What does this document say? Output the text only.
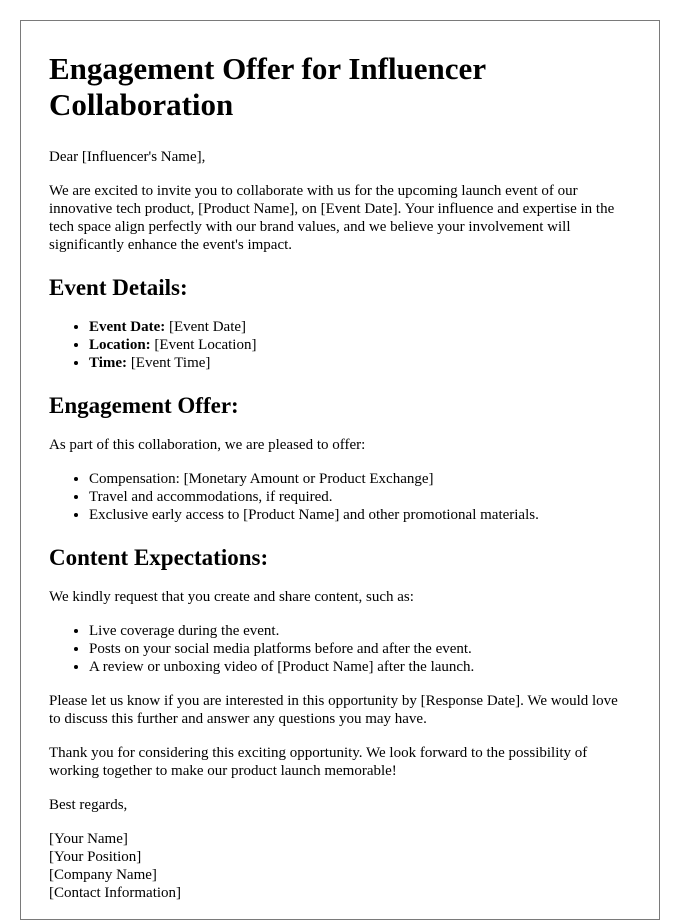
Engagement Offer for Influencer Collaboration

Dear [Influencer's Name],

We are excited to invite you to collaborate with us for the upcoming launch event of our innovative tech product, [Product Name], on [Event Date]. Your influence and expertise in the tech space align perfectly with our brand values, and we believe your involvement will significantly enhance the event's impact.

Event Details:
• Event Date: [Event Date]
• Location: [Event Location]
• Time: [Event Time]
Engagement Offer:

As part of this collaboration, we are pleased to offer:

• Compensation: [Monetary Amount or Product Exchange]
• Travel and accommodations, if required.
• Exclusive early access to [Product Name] and other promotional materials.
Content Expectations:

We kindly request that you create and share content, such as:

• Live coverage during the event.
• Posts on your social media platforms before and after the event.
• A review or unboxing video of [Product Name] after the launch.

Please let us know if you are interested in this opportunity by [Response Date]. We would love to discuss this further and answer any questions you may have.

Thank you for considering this exciting opportunity. We look forward to the possibility of working together to make our product launch memorable!

Best regards,

[Your Name]
[Your Position]
[Company Name]
[Contact Information]
